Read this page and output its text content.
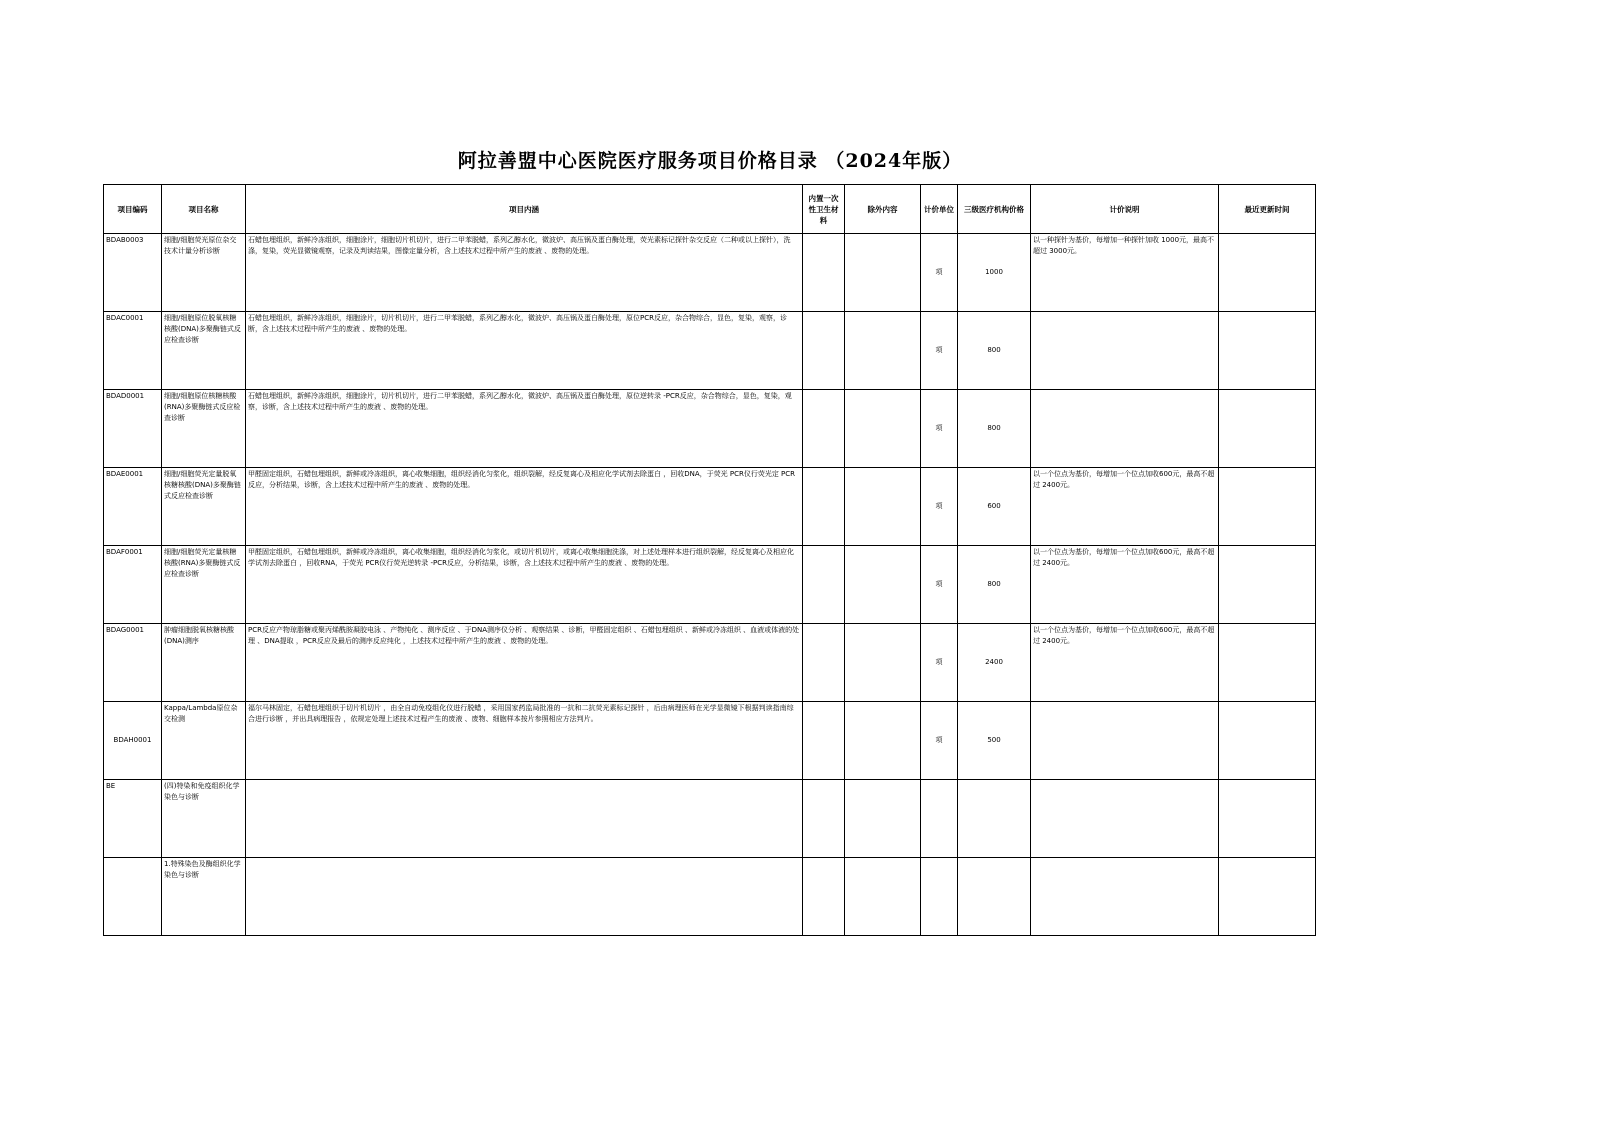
阿拉善盟中心医院医疗服务项目价格目录 （2024年版）
项目编码	项目名称	项目内涵	内置一次性卫生材料	除外内容	计价单位	三级医疗机构价格	计价说明	最近更新时间
BDAB0003	细胞/细胞荧光原位杂交技术计量分析诊断	石蜡包埋组织，新鲜冷冻组织，细胞涂片，细胞切片机切片，进行二甲苯脱蜡，系列乙醇水化，微波炉、高压锅及蛋白酶处理，荧光素标记探针杂交反应（二种或以上探针），洗涤，复染，荧光显微镜观察，记录及判读结果，图像定量分析，含上述技术过程中所产生的废液 、废物的处理。			项	1000	以一种探针为基价，每增加一种探针加收 1000元，最高不超过 3000元。	
BDAC0001	细胞/细胞原位脱氧核糖核酸(DNA)多聚酶链式反应检查诊断	石蜡包埋组织，新鲜冷冻组织，细胞涂片，切片机切片，进行二甲苯脱蜡，系列乙醇水化，微波炉、高压锅及蛋白酶处理，原位PCR反应，杂合物综合，显色，复染，观察，诊断，含上述技术过程中所产生的废液 、废物的处理。			项	800		
BDAD0001	细胞/细胞原位核糖核酸(RNA)多聚酶链式反应检查诊断	石蜡包埋组织，新鲜冷冻组织，细胞涂片，切片机切片，进行二甲苯脱蜡，系列乙醇水化，微波炉、高压锅及蛋白酶处理，原位逆转录 -PCR反应，杂合物综合，显色，复染，观察，诊断，含上述技术过程中所产生的废液 、废物的处理。			项	800		
BDAE0001	细胞/细胞荧光定量脱氧核糖核酸(DNA)多聚酶链式反应检查诊断	甲醛固定组织，石蜡包埋组织，新鲜或冷冻组织，离心收集细胞，组织经消化匀浆化，组织裂解，经反复离心及相应化学试剂去除蛋白 ，回收DNA，于荧光 PCR仪行荧光定 PCR反应，分析结果，诊断，含上述技术过程中所产生的废液 、废物的处理。			项	600	以一个位点为基价，每增加一个位点加收600元，最高不超过 2400元。	
BDAF0001	细胞/细胞荧光定量核糖核酸(RNA)多聚酶链式反应检查诊断	甲醛固定组织，石蜡包埋组织，新鲜或冷冻组织，离心收集细胞，组织经消化匀浆化，或切片机切片，或离心收集细胞洗涤，对上述处理样本进行组织裂解，经反复离心及相应化学试剂去除蛋白 ，回收RNA，于荧光 PCR仪行荧光逆转录 -PCR反应，分析结果，诊断，含上述技术过程中所产生的废液 、废物的处理。			项	800	以一个位点为基价，每增加一个位点加收600元，最高不超过 2400元。	
BDAG0001	肿瘤细胞脱氧核糖核酸(DNA)测序	PCR反应产物琼脂糖或聚丙烯酰胺凝胶电泳 、产物纯化 、测序反应 、于DNA测序仪分析 、观察结果 、诊断，甲醛固定组织 、石蜡包埋组织 、新鲜或冷冻组织 、血液或体液的处理 、DNA提取 ，PCR反应及最后的测序反应纯化 ，上述技术过程中所产生的废液 、废物的处理。			项	2400	以一个位点为基价，每增加一个位点加收600元，最高不超过 2400元。	
BDAH0001	Kappa/Lambda原位杂交检测	福尔马林固定，石蜡包埋组织于切片机切片 ，由全自动免疫组化仪进行脱蜡 ，采用国家药监局批准的一抗和二抗荧光素标记探针 ，后由病理医师在光学显微镜下根据判读指南综合进行诊断 ，并出具病理报告 ，依规定处理上述技术过程产生的废液 、废物、细胞样本按片参照相应方法判片。			项	500		
BE	(四)特染和免疫组织化学染色与诊断							
	1.特殊染色及酶组织化学染色与诊断							
